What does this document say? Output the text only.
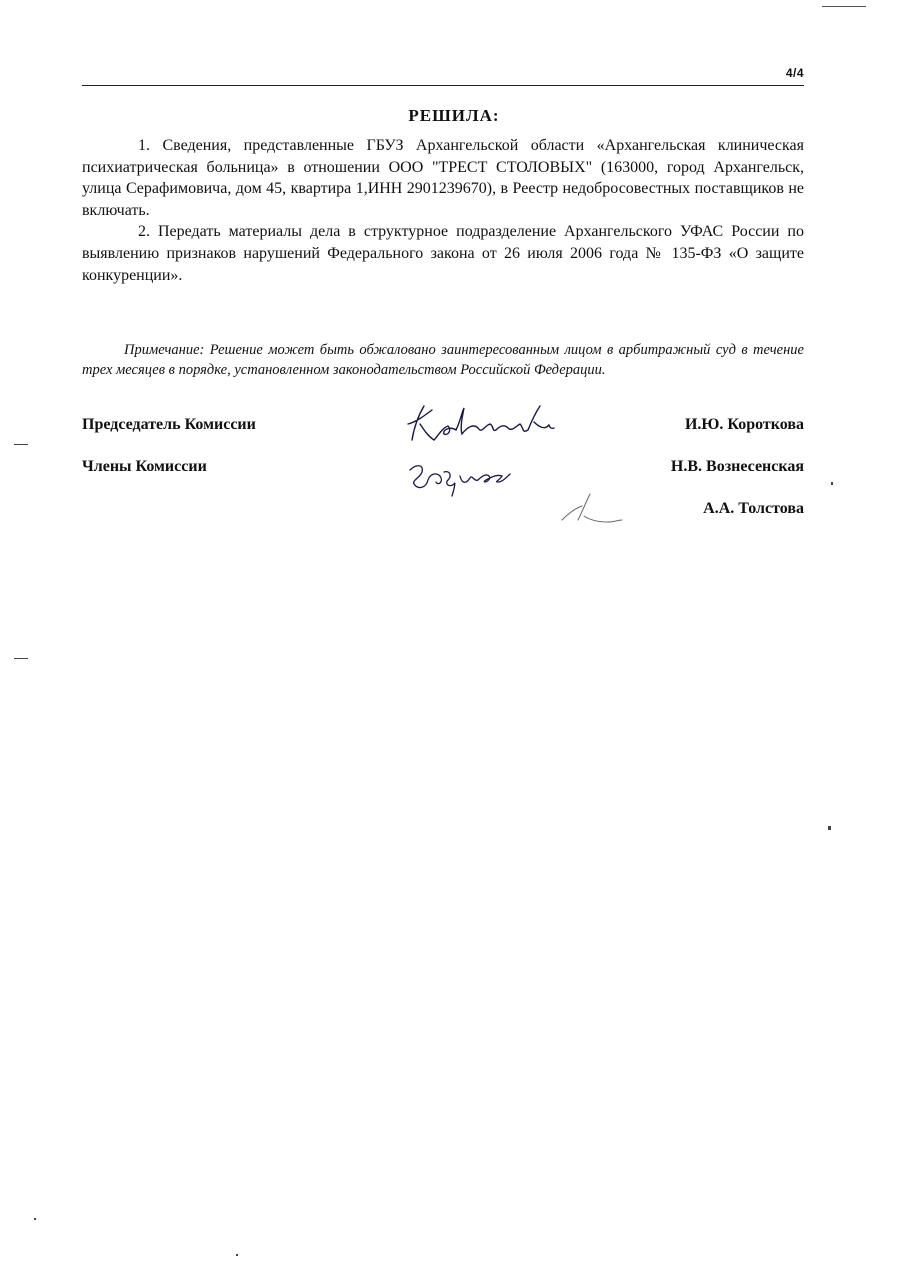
4/4
РЕШИЛА:

1. Сведения, представленные ГБУЗ Архангельской области «Архангельская клиническая психиатрическая больница» в отношении ООО "ТРЕСТ СТОЛОВЫХ" (163000, город Архангельск, улица Серафимовича, дом 45, квартира 1,ИНН 2901239670), в Реестр недобросовестных поставщиков не включать.

2. Передать материалы дела в структурное подразделение Архангельского УФАС России по выявлению признаков нарушений Федерального закона от 26 июля 2006 года № 135-ФЗ «О защите конкуренции».

Примечание: Решение может быть обжаловано заинтересованным лицом в арбитражный суд в течение трех месяцев в порядке, установленном законодательством Российской Федерации.
Председатель Комиссии	И.Ю. Короткова
Члены Комиссии	Н.В. Вознесенская
А.А. Толстова
